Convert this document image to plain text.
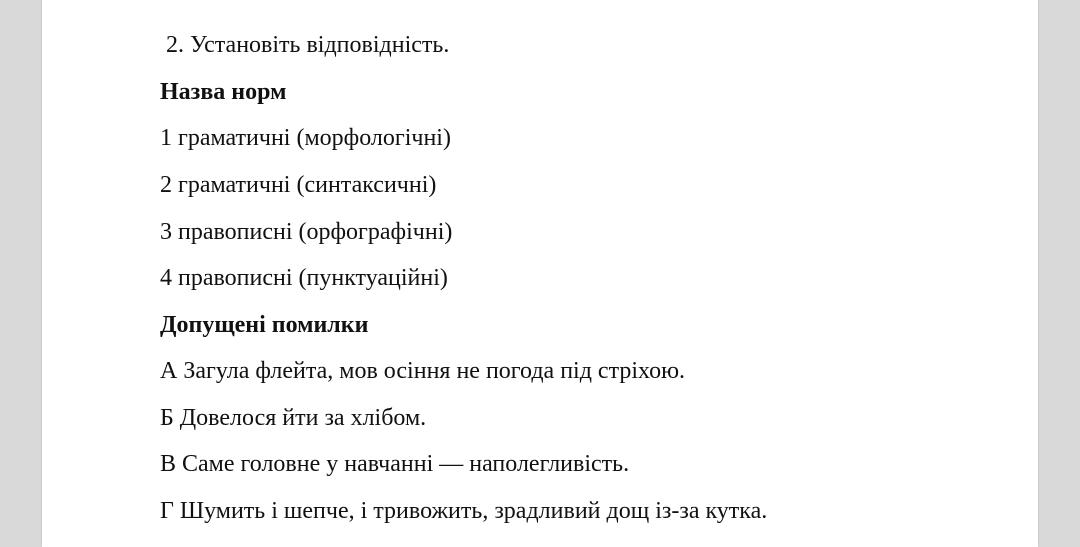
2. Установіть відповідність.
Назва норм
1 граматичні (морфологічні)
2 граматичні (синтаксичні)
3 правописні (орфографічні)
4 правописні (пунктуаційні)
Допущені помилки
А Загула флейта, мов осіння не погода під стріхою.
Б Довелося йти за хлібом.
В Саме головне у навчанні — наполегливість.
Г Шумить і шепче, і тривожить, зрадливий дощ із-за кутка.
